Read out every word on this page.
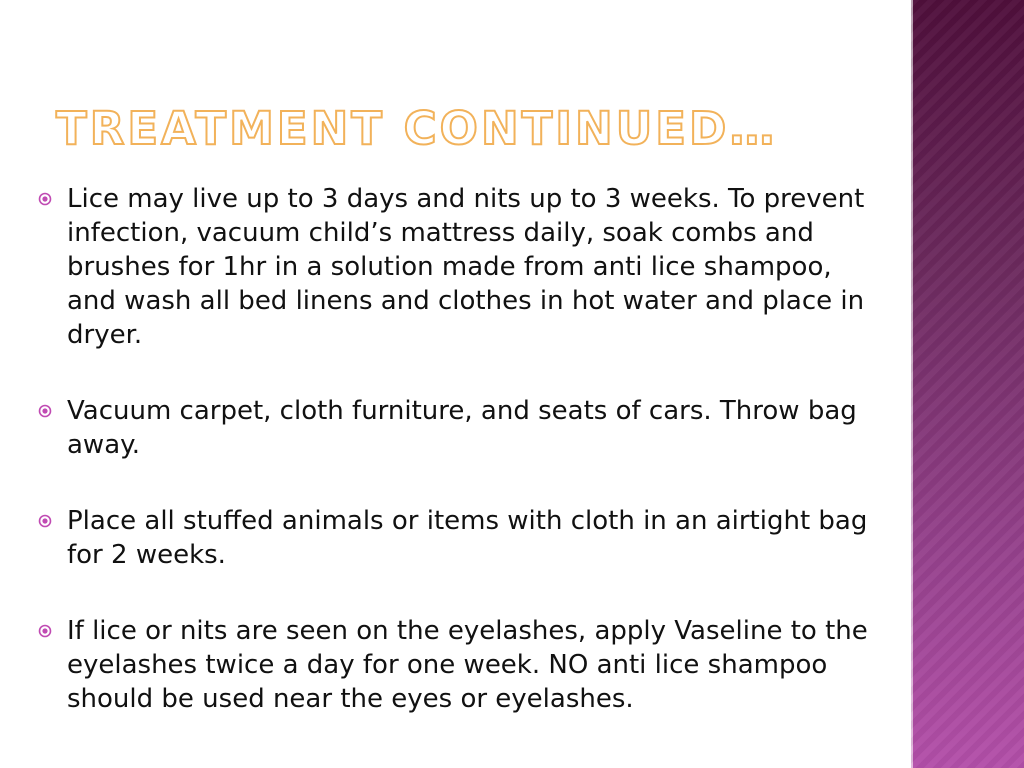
TREATMENT CONTINUED…
Lice may live up to 3 days and nits up to 3 weeks. To prevent infection, vacuum child’s mattress daily, soak combs and brushes for 1hr in a solution made from anti lice shampoo, and wash all bed linens and clothes in hot water and place in dryer.
Vacuum carpet, cloth furniture, and seats of cars. Throw bag away.
Place all stuffed animals or items with cloth in an airtight bag for 2 weeks.
If lice or nits are seen on the eyelashes, apply Vaseline to the eyelashes twice a day for one week. NO anti lice shampoo should be used near the eyes or eyelashes.
